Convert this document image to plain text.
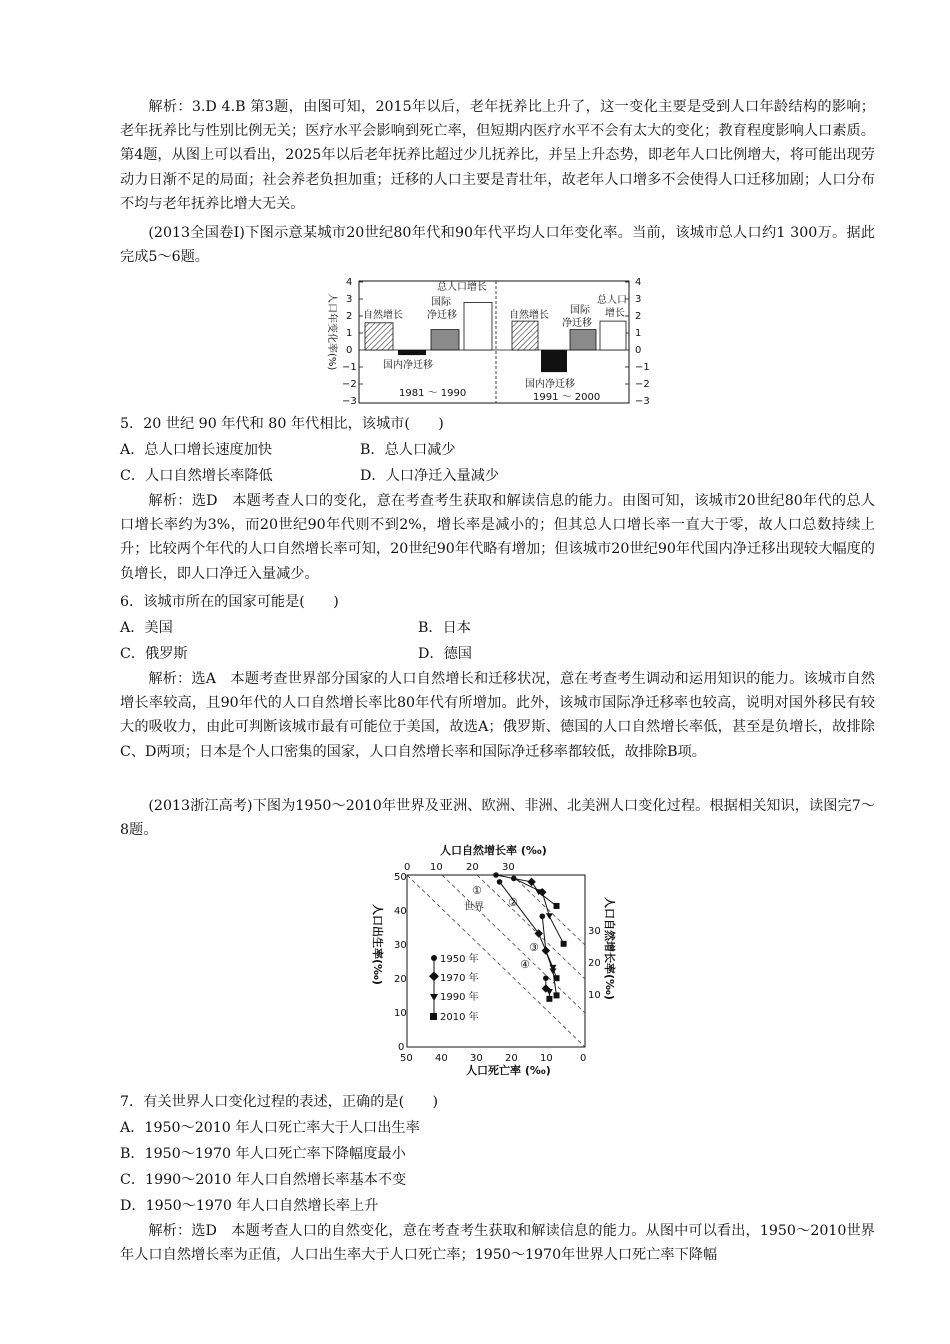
解析：3.D 4.B 第3题，由图可知，2015年以后，老年抚养比上升了，这一变化主要是受到人口年龄结构的影响；老年抚养比与性别比例无关；医疗水平会影响到死亡率，但短期内医疗水平不会有太大的变化；教育程度影响人口素质。第4题，从图上可以看出，2025年以后老年抚养比超过少儿抚养比，并呈上升态势，即老年人口比例增大，将可能出现劳动力日渐不足的局面；社会养老负担加重；迁移的人口主要是青壮年，故老年人口增多不会使得人口迁移加剧；人口分布不均与老年抚养比增大无关。

(2013全国卷Ⅰ)下图示意某城市20世纪80年代和90年代平均人口年变化率。当前，该城市总人口约1 300万。据此完成5～6题。

人口年变化率(%)
4
3
2
1
0
−1
−2
−3
4
3
2
1
0
−1
−2
−3
自然增长
国际
净迁移
总人口增长
国内净迁移
1981 ～ 1990
自然增长 国际
净迁移
总人口
增长
国内净迁移
1991 ～ 2000

5．20 世纪 90 年代和 80 年代相比，该城市(　　)

A．总人口增长速度加快	B．总人口减少

C．人口自然增长率降低	D．人口净迁入量减少

解析：选D　本题考查人口的变化，意在考查考生获取和解读信息的能力。由图可知，该城市20世纪80年代的总人口增长率约为3%，而20世纪90年代则不到2%，增长率是减小的；但其总人口增长率一直大于零，故人口总数持续上升；比较两个年代的人口自然增长率可知，20世纪90年代略有增加；但该城市20世纪90年代国内净迁移出现较大幅度的负增长，即人口净迁入量减少。

6．该城市所在的国家可能是(　　)

A．美国	B．日本

C．俄罗斯	D．德国

解析：选A　本题考查世界部分国家的人口自然增长和迁移状况，意在考查考生调动和运用知识的能力。该城市自然增长率较高，且90年代的人口自然增长率比80年代有所增加。此外，该城市国际净迁移率也较高，说明对国外移民有较大的吸收力，由此可判断该城市最有可能位于美国，故选A；俄罗斯、德国的人口自然增长率低，甚至是负增长，故排除C、D两项；日本是个人口密集的国家，人口自然增长率和国际净迁移率都较低，故排除B项。

(2013浙江高考)下图为1950～2010年世界及亚洲、欧洲、非洲、北美洲人口变化过程。根据相关知识，读图完7～8题。

人口自然增长率 (‰)
0 10 20 30
50
40
30
20
10
0
人口出生率(‰)	30
20
10 人口自然增长率(‰)
50 40 30 20 10	0
①
②
③
④
世界
1950 年
1970 年
1990 年
2010 年

人口死亡率 (‰)

7．有关世界人口变化过程的表述，正确的是(　　)

A．1950～2010 年人口死亡率大于人口出生率

B．1950～1970 年人口死亡率下降幅度最小

C．1990～2010 年人口自然增长率基本不变

D．1950～1970 年人口自然增长率上升

解析：选D　本题考查人口的自然变化，意在考查考生获取和解读信息的能力。从图中可以看出，1950～2010世界年人口自然增长率为正值，人口出生率大于人口死亡率；1950～1970年世界人口死亡率下降幅
